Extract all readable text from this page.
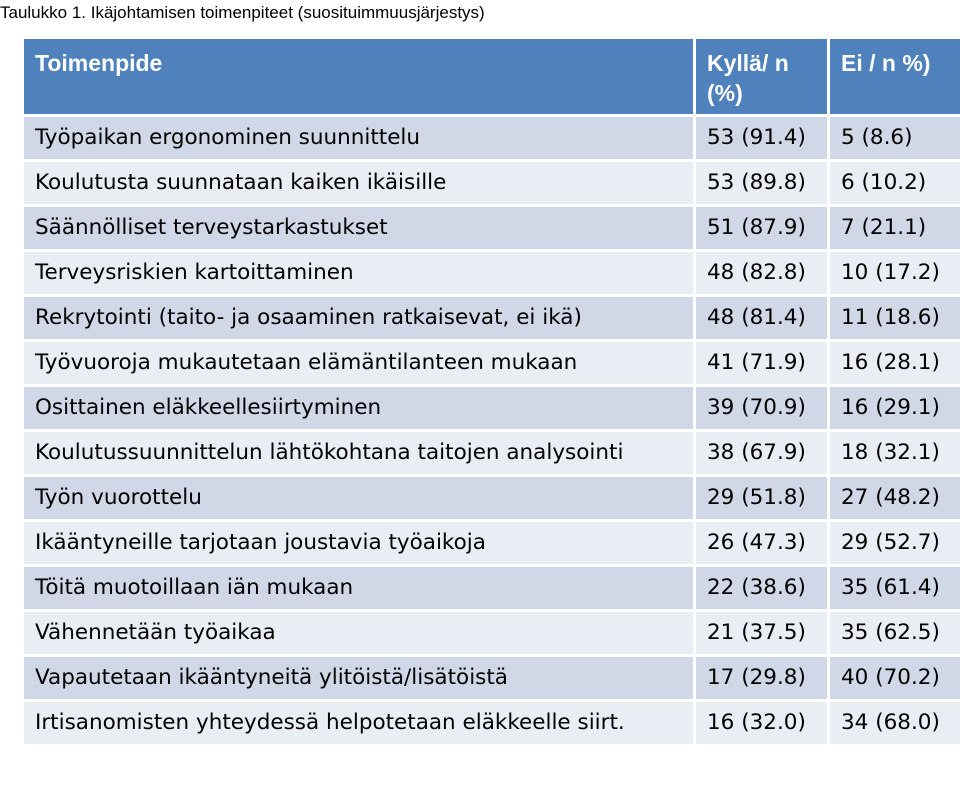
Taulukko 1. Ikäjohtamisen toimenpiteet (suosituimmuusjärjestys)
Toimenpide	Kyllä/ n (%)	Ei / n %)
Työpaikan ergonominen suunnittelu	53 (91.4)	5 (8.6)
Koulutusta suunnataan kaiken ikäisille	53 (89.8)	6 (10.2)
Säännölliset terveystarkastukset	51 (87.9)	7 (21.1)
Terveysriskien kartoittaminen	48 (82.8)	10 (17.2)
Rekrytointi (taito- ja osaaminen ratkaisevat, ei ikä)	48 (81.4)	11 (18.6)
Työvuoroja mukautetaan elämäntilanteen mukaan	41 (71.9)	16 (28.1)
Osittainen eläkkeellesiirtyminen	39 (70.9)	16 (29.1)
Koulutussuunnittelun lähtökohtana taitojen analysointi	38 (67.9)	18 (32.1)
Työn vuorottelu	29 (51.8)	27 (48.2)
Ikääntyneille tarjotaan joustavia työaikoja	26 (47.3)	29 (52.7)
Töitä muotoillaan iän mukaan	22 (38.6)	35 (61.4)
Vähennetään työaikaa	21 (37.5)	35 (62.5)
Vapautetaan ikääntyneitä ylitöistä/lisätöistä	17 (29.8)	40 (70.2)
Irtisanomisten yhteydessä helpotetaan eläkkeelle siirt.	16 (32.0)	34 (68.0)
